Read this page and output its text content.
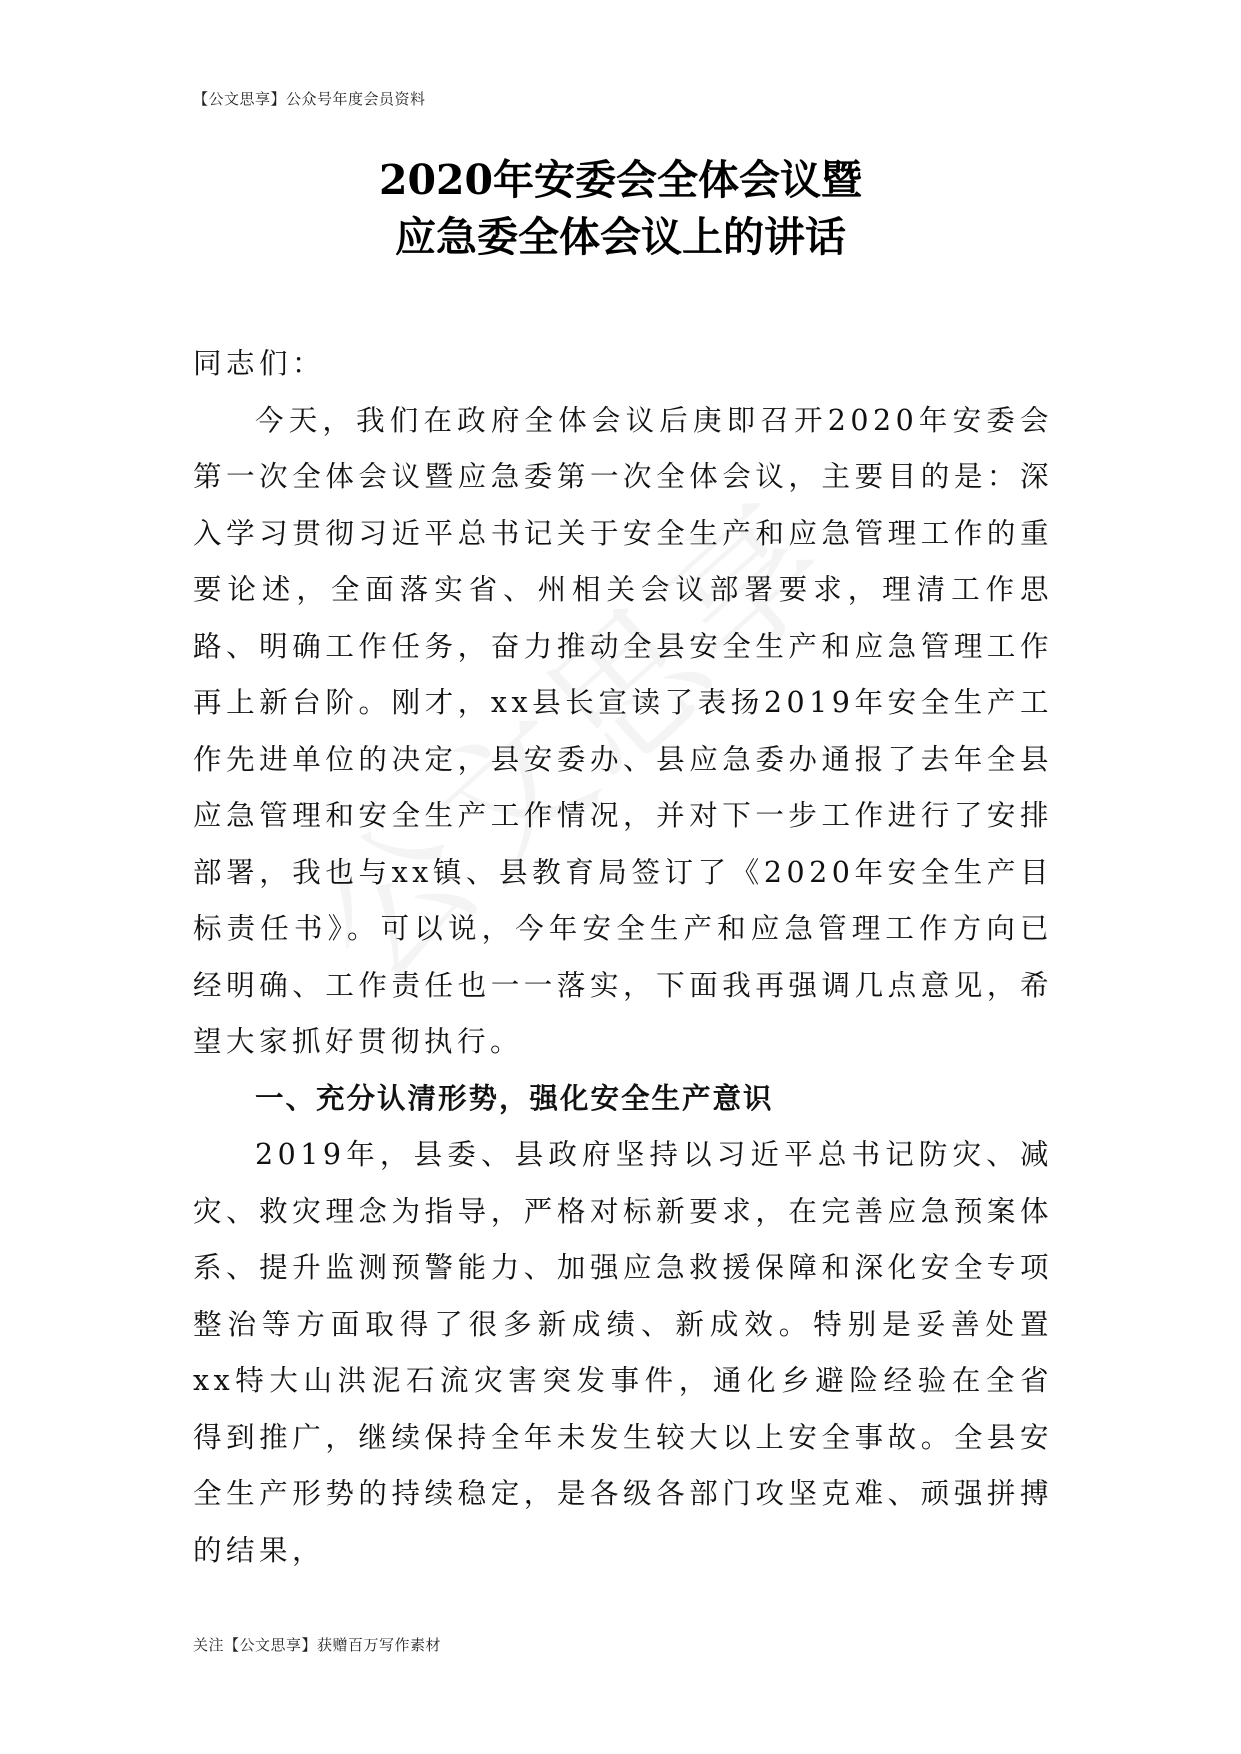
【公文思享】公众号年度会员资料
2020年安委会全体会议暨
应急委全体会议上的讲话

同志们：

今天，我们在政府全体会议后庚即召开2020年安委会第一次全体会议暨应急委第一次全体会议，主要目的是：深入学习贯彻习近平总书记关于安全生产和应急管理工作的重要论述，全面落实省、州相关会议部署要求，理清工作思路、明确工作任务，奋力推动全县安全生产和应急管理工作再上新台阶。刚才，xx县长宣读了表扬2019年安全生产工作先进单位的决定，县安委办、县应急委办通报了去年全县应急管理和安全生产工作情况，并对下一步工作进行了安排部署，我也与xx镇、县教育局签订了《2020年安全生产目标责任书》。可以说，今年安全生产和应急管理工作方向已经明确、工作责任也一一落实，下面我再强调几点意见，希望大家抓好贯彻执行。

一、充分认清形势，强化安全生产意识

2019年，县委、县政府坚持以习近平总书记防灾、减灾、救灾理念为指导，严格对标新要求，在完善应急预案体系、提升监测预警能力、加强应急救援保障和深化安全专项整治等方面取得了很多新成绩、新成效。特别是妥善处置xx特大山洪泥石流灾害突发事件，通化乡避险经验在全省得到推广，继续保持全年未发生较大以上安全事故。全县安全生产形势的持续稳定，是各级各部门攻坚克难、顽强拼搏的结果，

关注【公文思享】获赠百万写作素材
